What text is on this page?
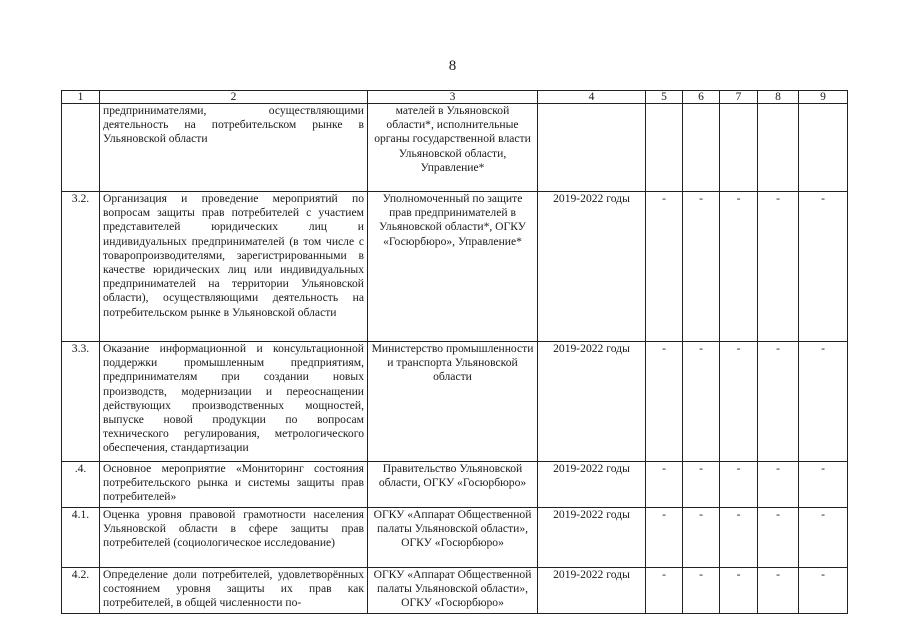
8
1	2	3	4	5	6	7	8	9
	предпринимателями, осуществляющими деятельность на потребительском рынке в Ульяновской области	мателей в Ульяновской области*, исполнительные органы государственной власти Ульяновской области, Управление*						
3.2.	Организация и проведение мероприятий по вопросам защиты прав потребителей с участием представителей юридических лиц и индивидуальных предпринимателей (в том числе с товаропроизводителями, зарегистрированными в качестве юридических лиц или индивидуальных предпринимателей на территории Ульяновской области), осуществляющими деятельность на потребительском рынке в Ульяновской области	Уполномоченный по защите прав предпринимателей в Ульяновской области*, ОГКУ «Госюрбюро», Управление*	2019-2022 годы	-	-	-	-	-
3.3.	Оказание информационной и консультационной поддержки промышленным предприятиям, предпринимателям при создании новых производств, модернизации и переоснащении действующих производственных мощностей, выпуске новой продукции по вопросам технического регулирования, метрологического обеспечения, стандартизации	Министерство промышленности и транспорта Ульяновской области	2019-2022 годы	-	-	-	-	-
.4.	Основное мероприятие «Мониторинг состояния потребительского рынка и системы защиты прав потребителей»	Правительство Ульяновской области, ОГКУ «Госюрбюро»	2019-2022 годы	-	-	-	-	-
4.1.	Оценка уровня правовой грамотности населения Ульяновской области в сфере защиты прав потребителей (социологическое исследование)	ОГКУ «Аппарат Общественной палаты Ульяновской области», ОГКУ «Госюрбюро»	2019-2022 годы	-	-	-	-	-
4.2.	Определение доли потребителей, удовлетворённых состоянием уровня защиты их прав как потребителей, в общей численности по-	ОГКУ «Аппарат Общественной палаты Ульяновской области», ОГКУ «Госюрбюро»	2019-2022 годы	-	-	-	-	-
